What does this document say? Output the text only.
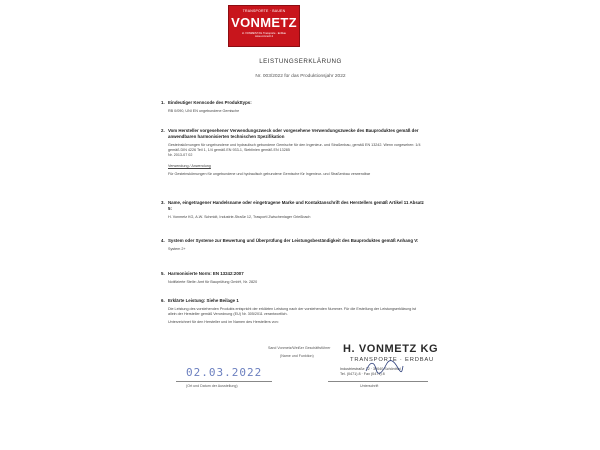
TRANSPORTE · BAUEN
VONMETZ
H. VONMETZ KG Transporte · Erdbau
www.vonmetz.it
LEISTUNGSERKLÄRUNG
Nr. 003/2022 für das Produktionsjahr 2022
1. Eindeutiger Kenncode des Produkttyps:
RB 0/090, UNI EN ungebundene Gemische
2. Vom Hersteller vorgesehener Verwendungszweck oder vorgesehene Verwendungszwecke des Bauproduktes gemäß der anwendbaren harmonisierten technischen Spezifikation
Gesteinskörnungen für ungebundene und hydraulisch gebundene Gemische für den Ingenieur- und Straßenbau, gemäß EN 13242. Wenn vorgesehen: 1/4 gemäß DIN 4226 Teil 1, 1/4 gemäß EN 933-1, Sieblinien gemäß EN 13285
Nr. 2013-07 02
Verwendung / Anwendung
Für Gesteinskörnungen für ungebundene und hydraulisch gebundene Gemische für Ingenieur- und Straßenbau verwendbar
3. Name, eingetragener Handelsname oder eingetragene Marke und Kontaktanschrift des Herstellers gemäß Artikel 11 Absatz 5:
H. Vonmetz KG, A.W. Schmidt, Industrie-Straße 12, Trasporti Zwischenlager Grießbach
4. System oder Systeme zur Bewertung und Überprüfung der Leistungsbeständigkeit des Bauproduktes gemäß Anhang V:
System 2+
5. Harmonisierte Norm: EN 13242:2007
Notifizierte Stelle: Amt für Bauprüfung GmbH, Nr. 2820
6. Erklärte Leistung: Siehe Beilage 1
Die Leistung des vorstehenden Produkts entspricht der erklärten Leistung nach der vorstehenden Nummer. Für die Erstellung der Leistungserklärung ist allein der Hersteller gemäß Verordnung (EU) Nr. 305/2011 verantwortlich.
Unterzeichnet für den Hersteller und im Namen des Herstellers von:
Sand Vonmetz/Weißer Geschäftsführer
(Name und Funktion)
H. VONMETZ KG
TRANSPORTE · ERDBAU
Industriestraße 12 · 39040 Schönthal
Tel. (0471) 8 · Fax (0471) 8
02.03.2022
(Ort und Datum der Ausstellung)	Unterschrift
